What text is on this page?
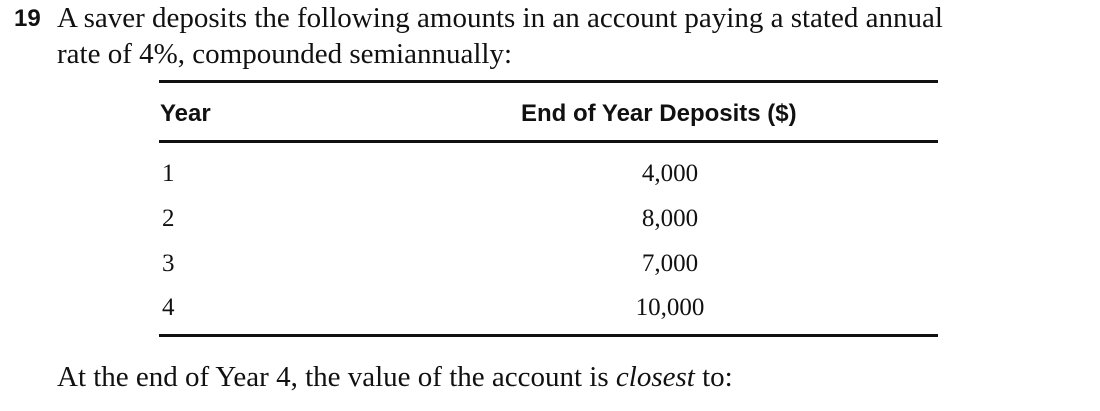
19 A saver deposits the following amounts in an account paying a stated annual
rate of 4%, compounded semiannually:
Year	End of Year Deposits ($)
1	4,000
2	8,000
3	7,000
4	10,000
At the end of Year 4, the value of the account is closest to:
